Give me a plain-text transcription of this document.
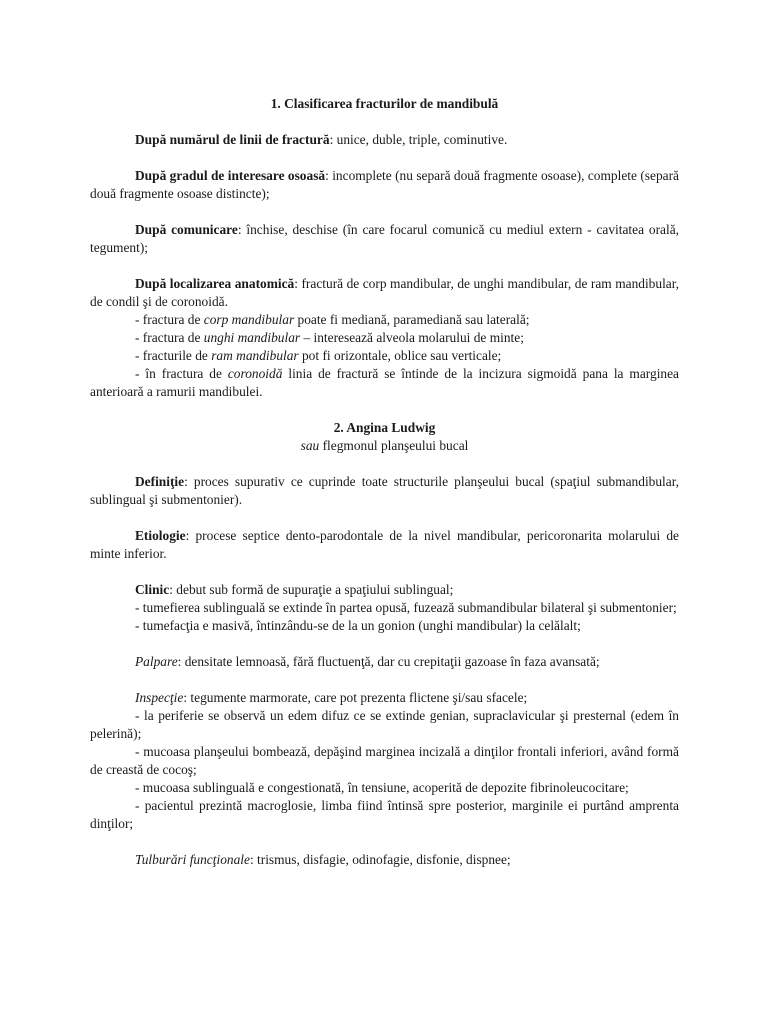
1. Clasificarea fracturilor de mandibulă

După numărul de linii de fractură: unice, duble, triple, cominutive.

După gradul de interesare osoasă: incomplete (nu separă două fragmente osoase), complete (separă două fragmente osoase distincte);

După comunicare: închise, deschise (în care focarul comunică cu mediul extern - cavitatea orală, tegument);

După localizarea anatomică: fractură de corp mandibular, de unghi mandibular, de ram mandibular, de condil şi de coronoidă.

- fractura de corp mandibular poate fi mediană, paramediană sau laterală;

- fractura de unghi mandibular – interesează alveola molarului de minte;

- fracturile de ram mandibular pot fi orizontale, oblice sau verticale;

- în fractura de coronoidă linia de fractură se întinde de la incizura sigmoidă pana la marginea anterioară a ramurii mandibulei.

2. Angina Ludwig

sau flegmonul planşeului bucal

Definiţie: proces supurativ ce cuprinde toate structurile planşeului bucal (spaţiul submandibular, sublingual şi submentonier).

Etiologie: procese septice dento-parodontale de la nivel mandibular, pericoronarita molarului de minte inferior.

Clinic: debut sub formă de supuraţie a spaţiului sublingual;

- tumefierea sublinguală se extinde în partea opusă, fuzează submandibular bilateral şi submentonier;

- tumefacţia e masivă, întinzându-se de la un gonion (unghi mandibular) la celălalt;

Palpare: densitate lemnoasă, fără fluctuenţă, dar cu crepitaţii gazoase în faza avansată;

Inspecţie: tegumente marmorate, care pot prezenta flictene şi/sau sfacele;

- la periferie se observă un edem difuz ce se extinde genian, supraclavicular şi presternal (edem în pelerină);

- mucoasa planşeului bombează, depăşind marginea incizală a dinţilor frontali inferiori, având formă de creastă de cocoş;

- mucoasa sublinguală e congestionată, în tensiune, acoperită de depozite fibrinoleucocitare;

- pacientul prezintă macroglosie, limba fiind întinsă spre posterior, marginile ei purtând amprenta dinţilor;

Tulburări funcţionale: trismus, disfagie, odinofagie, disfonie, dispnee;
